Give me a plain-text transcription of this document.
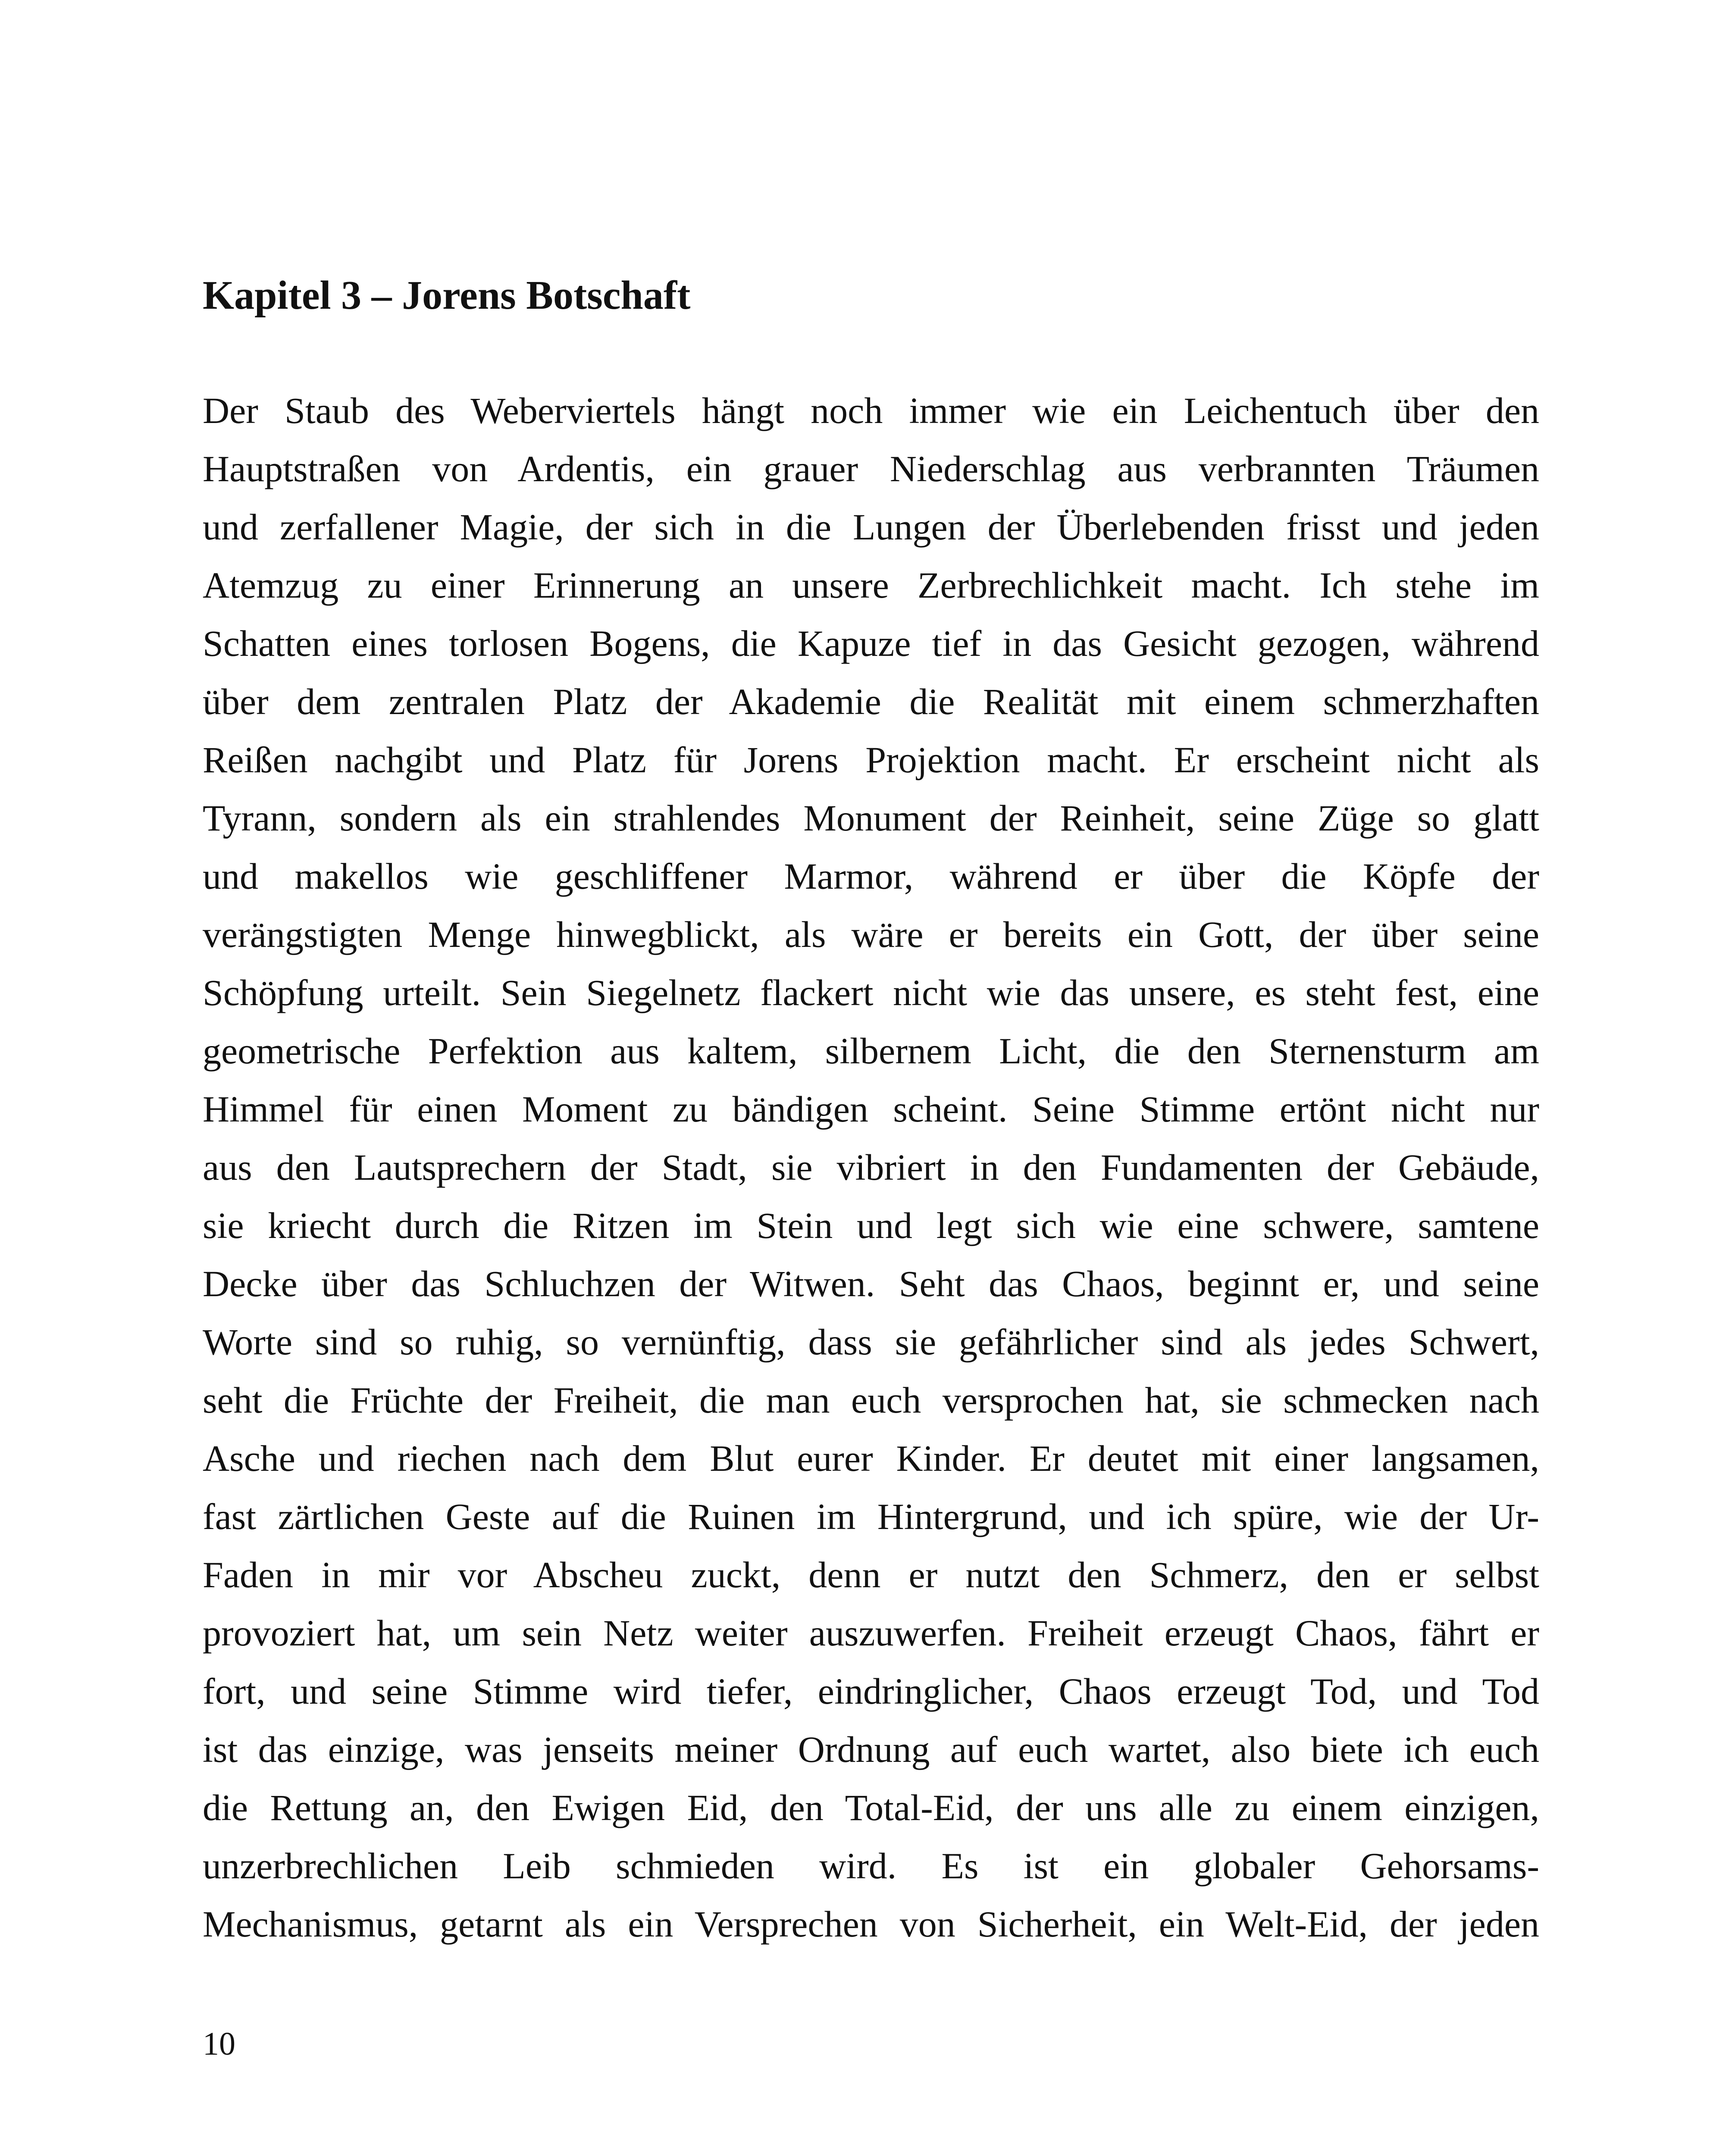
Kapitel 3 – Jorens Botschaft
Der Staub des Weberviertels hängt noch immer wie ein Leichentuch über den
Hauptstraßen von Ardentis, ein grauer Niederschlag aus verbrannten Träumen
und zerfallener Magie, der sich in die Lungen der Überlebenden frisst und jeden
Atemzug zu einer Erinnerung an unsere Zerbrechlichkeit macht. Ich stehe im
Schatten eines torlosen Bogens, die Kapuze tief in das Gesicht gezogen, während
über dem zentralen Platz der Akademie die Realität mit einem schmerzhaften
Reißen nachgibt und Platz für Jorens Projektion macht. Er erscheint nicht als
Tyrann, sondern als ein strahlendes Monument der Reinheit, seine Züge so glatt
und makellos wie geschliffener Marmor, während er über die Köpfe der
verängstigten Menge hinwegblickt, als wäre er bereits ein Gott, der über seine
Schöpfung urteilt. Sein Siegelnetz flackert nicht wie das unsere, es steht fest, eine
geometrische Perfektion aus kaltem, silbernem Licht, die den Sternensturm am
Himmel für einen Moment zu bändigen scheint. Seine Stimme ertönt nicht nur
aus den Lautsprechern der Stadt, sie vibriert in den Fundamenten der Gebäude,
sie kriecht durch die Ritzen im Stein und legt sich wie eine schwere, samtene
Decke über das Schluchzen der Witwen. Seht das Chaos, beginnt er, und seine
Worte sind so ruhig, so vernünftig, dass sie gefährlicher sind als jedes Schwert,
seht die Früchte der Freiheit, die man euch versprochen hat, sie schmecken nach
Asche und riechen nach dem Blut eurer Kinder. Er deutet mit einer langsamen,
fast zärtlichen Geste auf die Ruinen im Hintergrund, und ich spüre, wie der Ur-
Faden in mir vor Abscheu zuckt, denn er nutzt den Schmerz, den er selbst
provoziert hat, um sein Netz weiter auszuwerfen. Freiheit erzeugt Chaos, fährt er
fort, und seine Stimme wird tiefer, eindringlicher, Chaos erzeugt Tod, und Tod
ist das einzige, was jenseits meiner Ordnung auf euch wartet, also biete ich euch
die Rettung an, den Ewigen Eid, den Total-Eid, der uns alle zu einem einzigen,
unzerbrechlichen Leib schmieden wird. Es ist ein globaler Gehorsams-
Mechanismus, getarnt als ein Versprechen von Sicherheit, ein Welt-Eid, der jeden
10
